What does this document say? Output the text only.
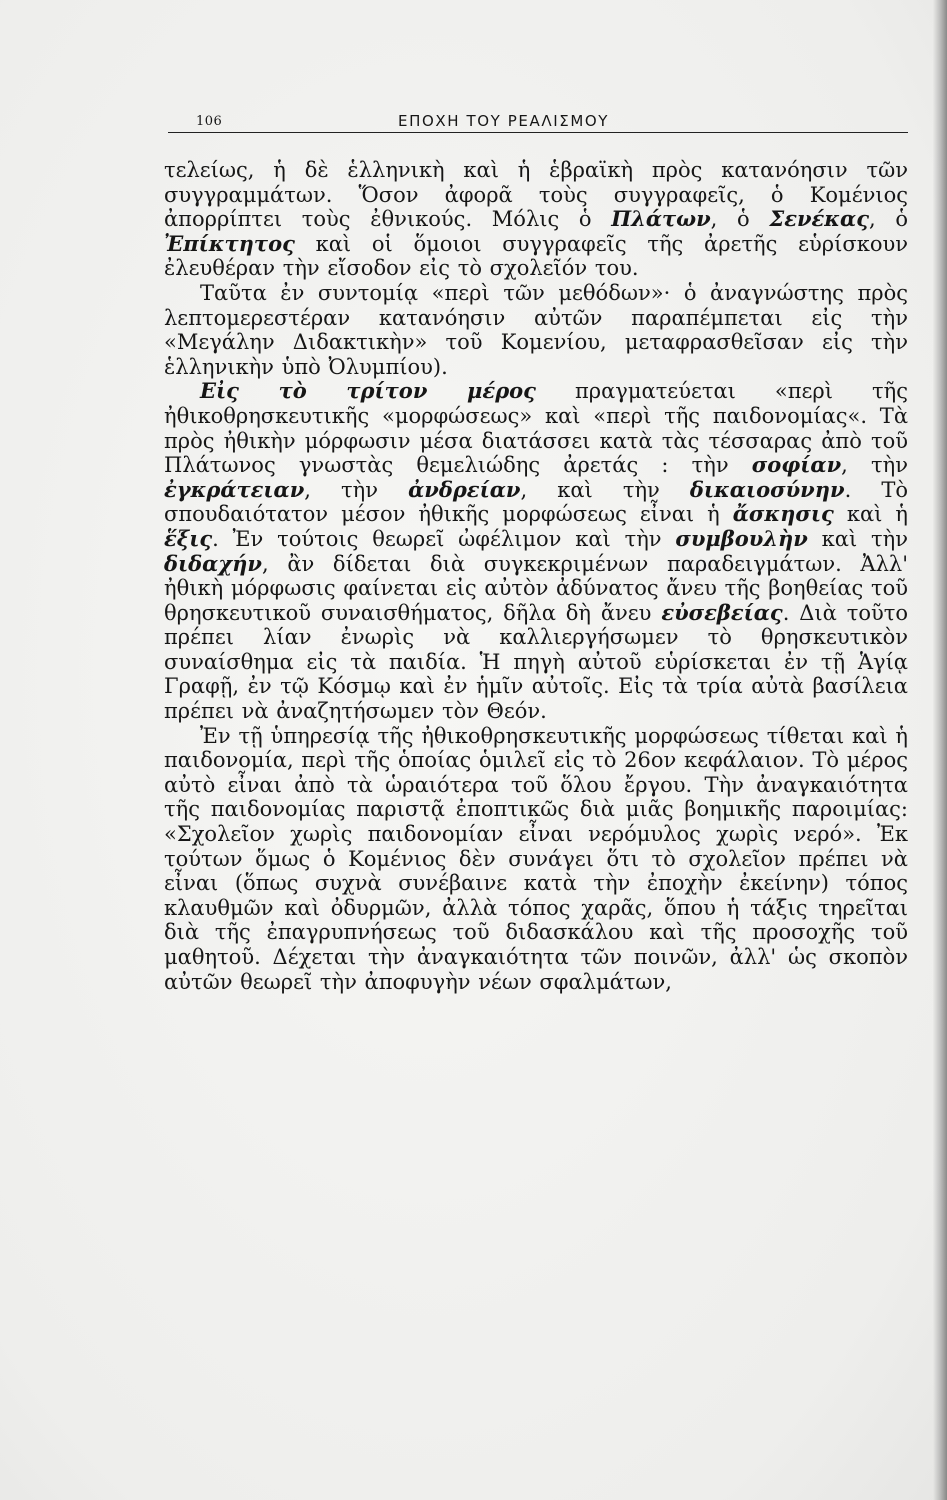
106	ΕΠΟΧΗ ΤΟΥ ΡΕΑΛΙΣΜΟΥ

τελείως, ἡ δὲ ἑλληνικὴ καὶ ἡ ἑβραϊκὴ πρὸς κατανόησιν τῶν συγγραμμάτων. Ὅσον ἀφορᾶ τοὺς συγγραφεῖς, ὁ Κομένιος ἀπορρίπτει τοὺς ἐθνικούς. Μόλις ὁ Πλάτων, ὁ Σενέκας, ὁ Ἐπίκτητος καὶ οἱ ὅμοιοι συγγραφεῖς τῆς ἀρετῆς εὑρίσκουν ἐλευθέραν τὴν εἴσοδον εἰς τὸ σχολεῖόν του.

Ταῦτα ἐν συντομίᾳ «περὶ τῶν μεθόδων»· ὁ ἀναγνώστης πρὸς λεπτομερεστέραν κατανόησιν αὐτῶν παραπέμπεται εἰς τὴν «Μεγάλην Διδακτικὴν» τοῦ Κομενίου, μεταφρασθεῖσαν εἰς τὴν ἑλληνικὴν ὑπὸ Ὀλυμπίου).

Εἰς τὸ τρίτον μέρος πραγματεύεται «περὶ τῆς ἠθικοθρησκευτικῆς «μορφώσεως» καὶ «περὶ τῆς παιδονομίας«. Τὰ πρὸς ἠθικὴν μόρφωσιν μέσα διατάσσει κατὰ τὰς τέσσαρας ἀπὸ τοῦ Πλάτωνος γνωστὰς θεμελιώδης ἀρετάς : τὴν σοφίαν, τὴν ἐγκράτειαν, τὴν ἀνδρείαν, καὶ τὴν δικαιοσύνην. Τὸ σπουδαιότατον μέσον ἠθικῆς μορφώσεως εἶναι ἡ ἄσκησις καὶ ἡ ἕξις. Ἐν τούτοις θεωρεῖ ὠφέλιμον καὶ τὴν συμβουλὴν καὶ τὴν διδαχήν, ἂν δίδεται διὰ συγκεκριμένων παραδειγμάτων. Ἀλλ' ἠθικὴ μόρφωσις φαίνεται εἰς αὐτὸν ἀδύνατος ἄνευ τῆς βοηθείας τοῦ θρησκευτικοῦ συναισθήματος, δῆλα δὴ ἄνευ εὐσεβείας. Διὰ τοῦτο πρέπει λίαν ἐνωρὶς νὰ καλλιεργήσωμεν τὸ θρησκευτικὸν συναίσθημα εἰς τὰ παιδία. Ἡ πηγὴ αὐτοῦ εὑρίσκεται ἐν τῇ Ἁγίᾳ Γραφῇ, ἐν τῷ Κόσμῳ καὶ ἐν ἡμῖν αὐτοῖς. Εἰς τὰ τρία αὐτὰ βασίλεια πρέπει νὰ ἀναζητήσωμεν τὸν Θεόν.

Ἐν τῇ ὑπηρεσίᾳ τῆς ἠθικοθρησκευτικῆς μορφώσεως τίθεται καὶ ἡ παιδονομία, περὶ τῆς ὁποίας ὁμιλεῖ εἰς τὸ 26ον κεφάλαιον. Τὸ μέρος αὐτὸ εἶναι ἀπὸ τὰ ὡραιότερα τοῦ ὅλου ἔργου. Τὴν ἀναγκαιότητα τῆς παιδονομίας παριστᾷ ἐποπτικῶς διὰ μιᾶς βοημικῆς παροιμίας: «Σχολεῖον χωρὶς παιδονομίαν εἶναι νερόμυλος χωρὶς νερό». Ἐκ τούτων ὅμως ὁ Κομένιος δὲν συνάγει ὅτι τὸ σχολεῖον πρέπει νὰ εἶναι (ὅπως συχνὰ συνέβαινε κατὰ τὴν ἐποχὴν ἐκείνην) τόπος κλαυθμῶν καὶ ὀδυρμῶν, ἀλλὰ τόπος χαρᾶς, ὅπου ἡ τάξις τηρεῖται διὰ τῆς ἐπαγρυπνήσεως τοῦ διδασκάλου καὶ τῆς προσοχῆς τοῦ μαθητοῦ. Δέχεται τὴν ἀναγκαιότητα τῶν ποινῶν, ἀλλ' ὡς σκοπὸν αὐτῶν θεωρεῖ τὴν ἀποφυγὴν νέων σφαλμάτων,
